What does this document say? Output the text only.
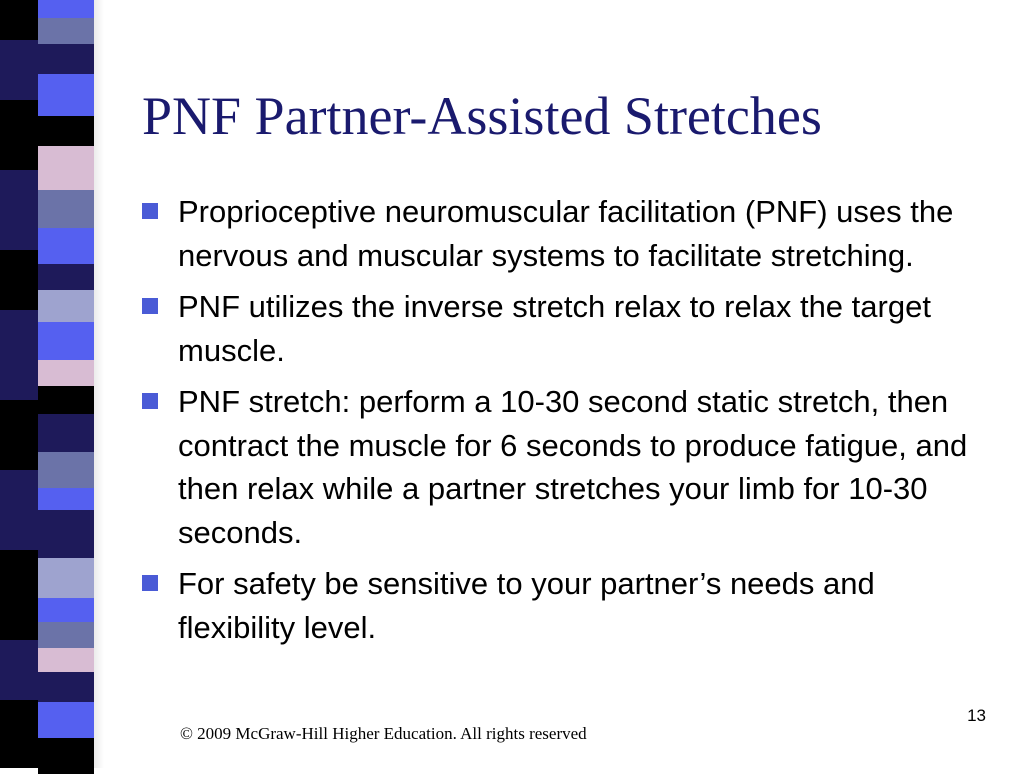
PNF Partner-Assisted Stretches
Proprioceptive neuromuscular facilitation (PNF) uses the nervous and muscular systems to facilitate stretching.
PNF utilizes the inverse stretch relax to relax the target muscle.
PNF stretch: perform a 10-30 second static stretch, then contract the muscle for 6 seconds to produce fatigue, and then relax while a partner stretches your limb for 10-30 seconds.
For safety be sensitive to your partner’s needs and flexibility level.

13

© 2009 McGraw-Hill Higher Education. All rights reserved
